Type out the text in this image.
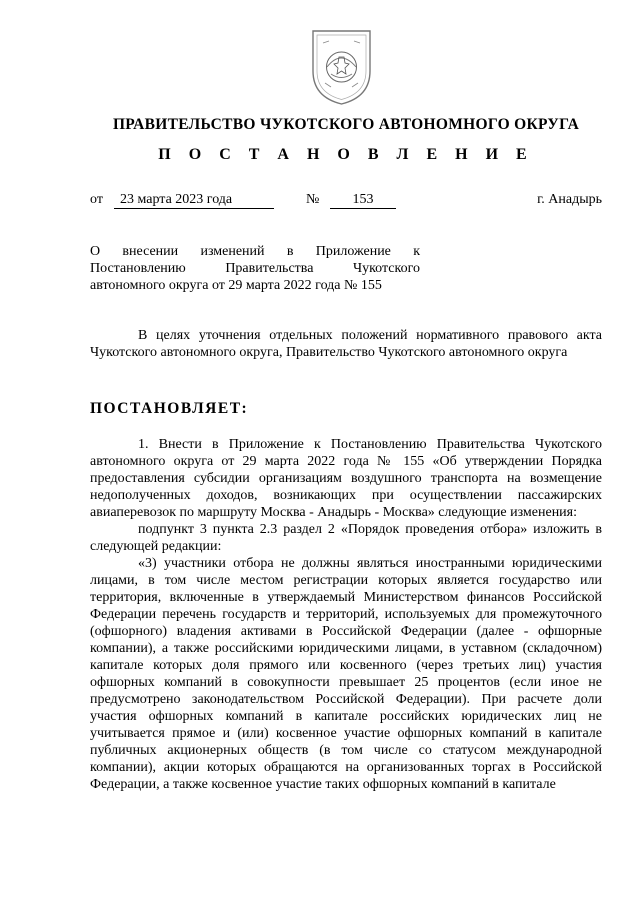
ПРАВИТЕЛЬСТВО ЧУКОТСКОГО АВТОНОМНОГО ОКРУГА
П О С Т А Н О В Л Е Н И Е
от	23 марта 2023 года	№	153	г. Анадырь
О внесении изменений в Приложение к
Постановлению Правительства Чукотского
автономного округа от 29 марта 2022 года № 155
В целях уточнения отдельных положений нормативного правового акта Чукотского автономного округа, Правительство Чукотского автономного округа
ПОСТАНОВЛЯЕТ:

1. Внести в Приложение к Постановлению Правительства Чукотского автономного округа от 29 марта 2022 года № 155 «Об утверждении Порядка предоставления субсидии организациям воздушного транспорта на возмещение недополученных доходов, возникающих при осуществлении пассажирских авиаперевозок по маршруту Москва - Анадырь - Москва» следующие изменения:

подпункт 3 пункта 2.3 раздел 2 «Порядок проведения отбора» изложить в следующей редакции:

«3) участники отбора не должны являться иностранными юридическими лицами, в том числе местом регистрации которых является государство или территория, включенные в утверждаемый Министерством финансов Российской Федерации перечень государств и территорий, используемых для промежуточного (офшорного) владения активами в Российской Федерации (далее - офшорные компании), а также российскими юридическими лицами, в уставном (складочном) капитале которых доля прямого или косвенного (через третьих лиц) участия офшорных компаний в совокупности превышает 25 процентов (если иное не предусмотрено законодательством Российской Федерации). При расчете доли участия офшорных компаний в капитале российских юридических лиц не учитывается прямое и (или) косвенное участие офшорных компаний в капитале публичных акционерных обществ (в том числе со статусом международной компании), акции которых обращаются на организованных торгах в Российской Федерации, а также косвенное участие таких офшорных компаний в капитале
